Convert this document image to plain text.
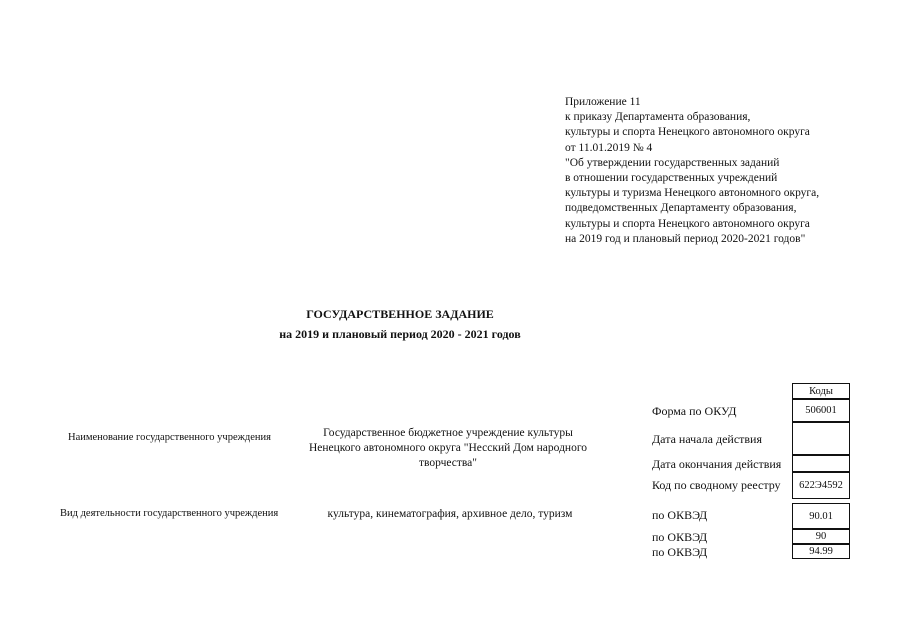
Приложение 11
к приказу Департамента образования,
культуры и спорта Ненецкого автономного округа
от 11.01.2019 № 4
"Об утверждении государственных заданий
в отношении государственных учреждений
культуры и туризма Ненецкого автономного округа,
подведомственных Департаменту образования,
культуры и спорта Ненецкого автономного округа
на 2019 год и плановый период 2020-2021 годов"
ГОСУДАРСТВЕННОЕ ЗАДАНИЕ
на 2019 и плановый период 2020 - 2021 годов
Наименование государственного учреждения	Государственное бюджетное учреждение культуры Ненецкого автономного округа "Несский Дом народного творчества"
Вид деятельности государственного учреждения	культура, кинематография, архивное дело, туризм
Коды
Форма по ОКУД
Дата начала действия
Дата окончания действия
Код по сводному реестру
по ОКВЭД
по ОКВЭД
по ОКВЭД
506001
622Э4592
90.01
90
94.99
